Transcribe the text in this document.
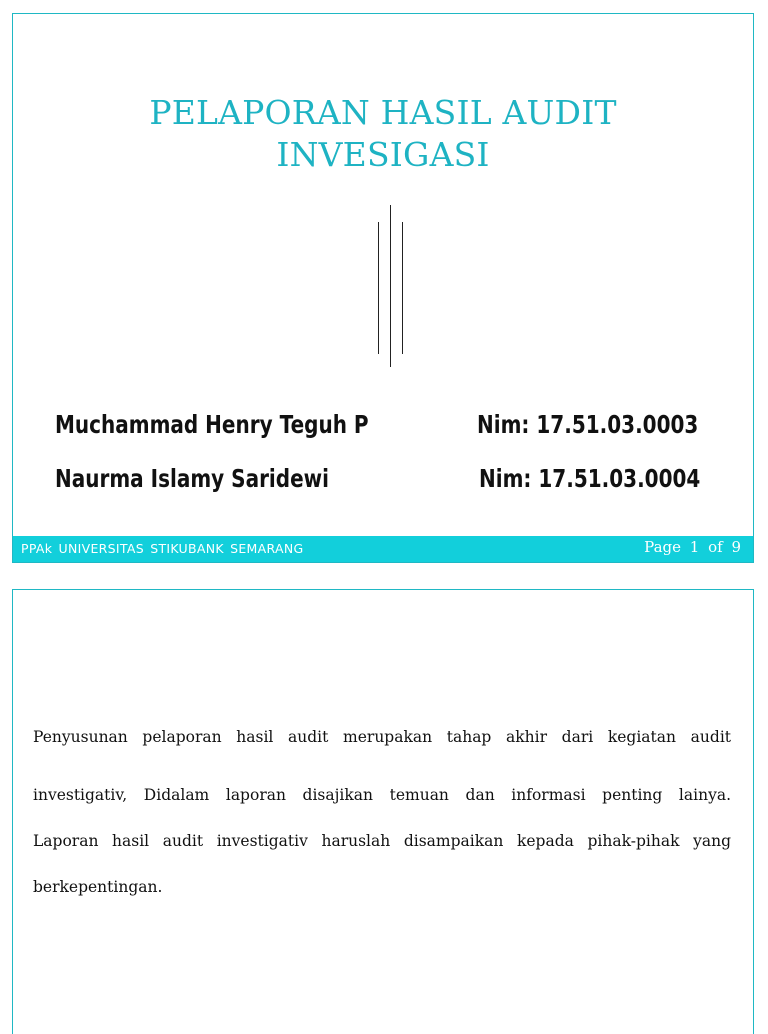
PELAPORAN HASIL AUDIT
INVESIGASI
Muchammad Henry Teguh P	Nim: 17.51.03.0003
Naurma Islamy Saridewi	Nim: 17.51.03.0004
PPAk UNIVERSITAS STIKUBANK SEMARANG	Page 1 of 9

Penyusunan pelaporan hasil audit merupakan tahap akhir dari kegiatan audit

investigativ, Didalam laporan disajikan temuan dan informasi penting lainya.

Laporan hasil audit investigativ haruslah disampaikan kepada pihak-pihak yang

berkepentingan.
